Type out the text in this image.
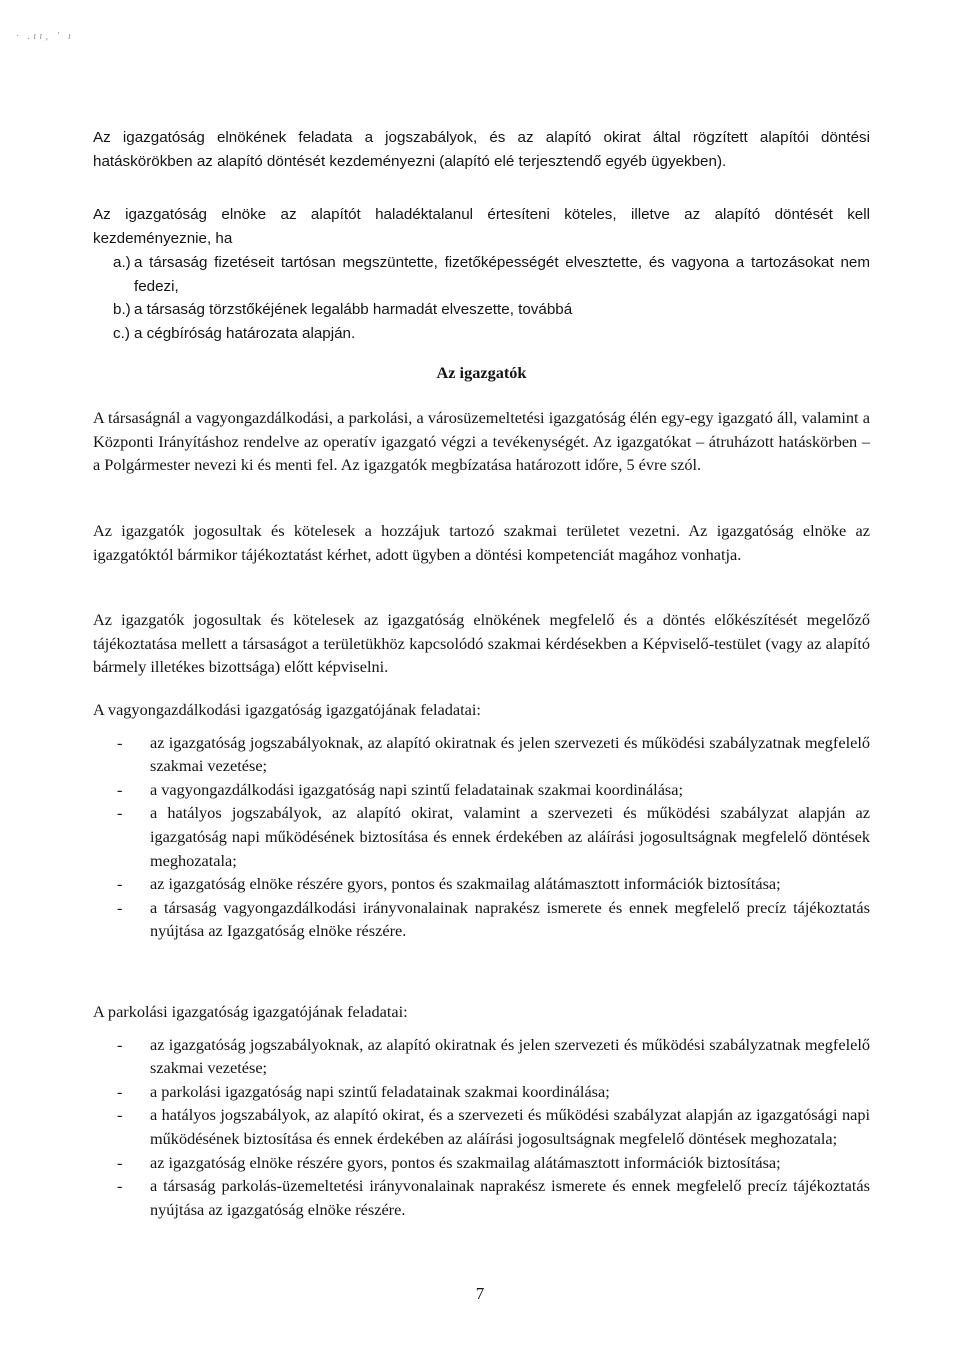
· .ıı, ' ı

Az igazgatóság elnökének feladata a jogszabályok, és az alapító okirat által rögzített alapítói döntési hatáskörökben az alapító döntését kezdeményezni (alapító elé terjesztendő egyéb ügyekben).

Az igazgatóság elnöke az alapítót haladéktalanul értesíteni köteles, illetve az alapító döntését kell kezdeményeznie, ha

a.) a társaság fizetéseit tartósan megszüntette, fizetőképességét elvesztette, és vagyona a tartozásokat nem fedezi,
b.) a társaság törzstőkéjének legalább harmadát elveszette, továbbá
c.) a cégbíróság határozata alapján.
Az igazgatók

A társaságnál a vagyongazdálkodási, a parkolási, a városüzemeltetési igazgatóság élén egy-egy igazgató áll, valamint a Központi Irányításhoz rendelve az operatív igazgató végzi a tevékenységét. Az igazgatókat – átruházott hatáskörben – a Polgármester nevezi ki és menti fel. Az igazgatók megbízatása határozott időre, 5 évre szól.

Az igazgatók jogosultak és kötelesek a hozzájuk tartozó szakmai területet vezetni. Az igazgatóság elnöke az igazgatóktól bármikor tájékoztatást kérhet, adott ügyben a döntési kompetenciát magához vonhatja.

Az igazgatók jogosultak és kötelesek az igazgatóság elnökének megfelelő és a döntés előkészítését megelőző tájékoztatása mellett a társaságot a területükhöz kapcsolódó szakmai kérdésekben a Képviselő-testület (vagy az alapító bármely illetékes bizottsága) előtt képviselni.

A vagyongazdálkodási igazgatóság igazgatójának feladatai:

- az igazgatóság jogszabályoknak, az alapító okiratnak és jelen szervezeti és működési szabályzatnak megfelelő szakmai vezetése;
- a vagyongazdálkodási igazgatóság napi szintű feladatainak szakmai koordinálása;
- a hatályos jogszabályok, az alapító okirat, valamint a szervezeti és működési szabályzat alapján az igazgatóság napi működésének biztosítása és ennek érdekében az aláírási jogosultságnak megfelelő döntések meghozatala;
- az igazgatóság elnöke részére gyors, pontos és szakmailag alátámasztott információk biztosítása;
- a társaság vagyongazdálkodási irányvonalainak naprakész ismerete és ennek megfelelő precíz tájékoztatás nyújtása az Igazgatóság elnöke részére.

A parkolási igazgatóság igazgatójának feladatai:

- az igazgatóság jogszabályoknak, az alapító okiratnak és jelen szervezeti és működési szabályzatnak megfelelő szakmai vezetése;
- a parkolási igazgatóság napi szintű feladatainak szakmai koordinálása;
- a hatályos jogszabályok, az alapító okirat, és a szervezeti és működési szabályzat alapján az igazgatósági napi működésének biztosítása és ennek érdekében az aláírási jogosultságnak megfelelő döntések meghozatala;
- az igazgatóság elnöke részére gyors, pontos és szakmailag alátámasztott információk biztosítása;
- a társaság parkolás-üzemeltetési irányvonalainak naprakész ismerete és ennek megfelelő precíz tájékoztatás nyújtása az igazgatóság elnöke részére.
7
